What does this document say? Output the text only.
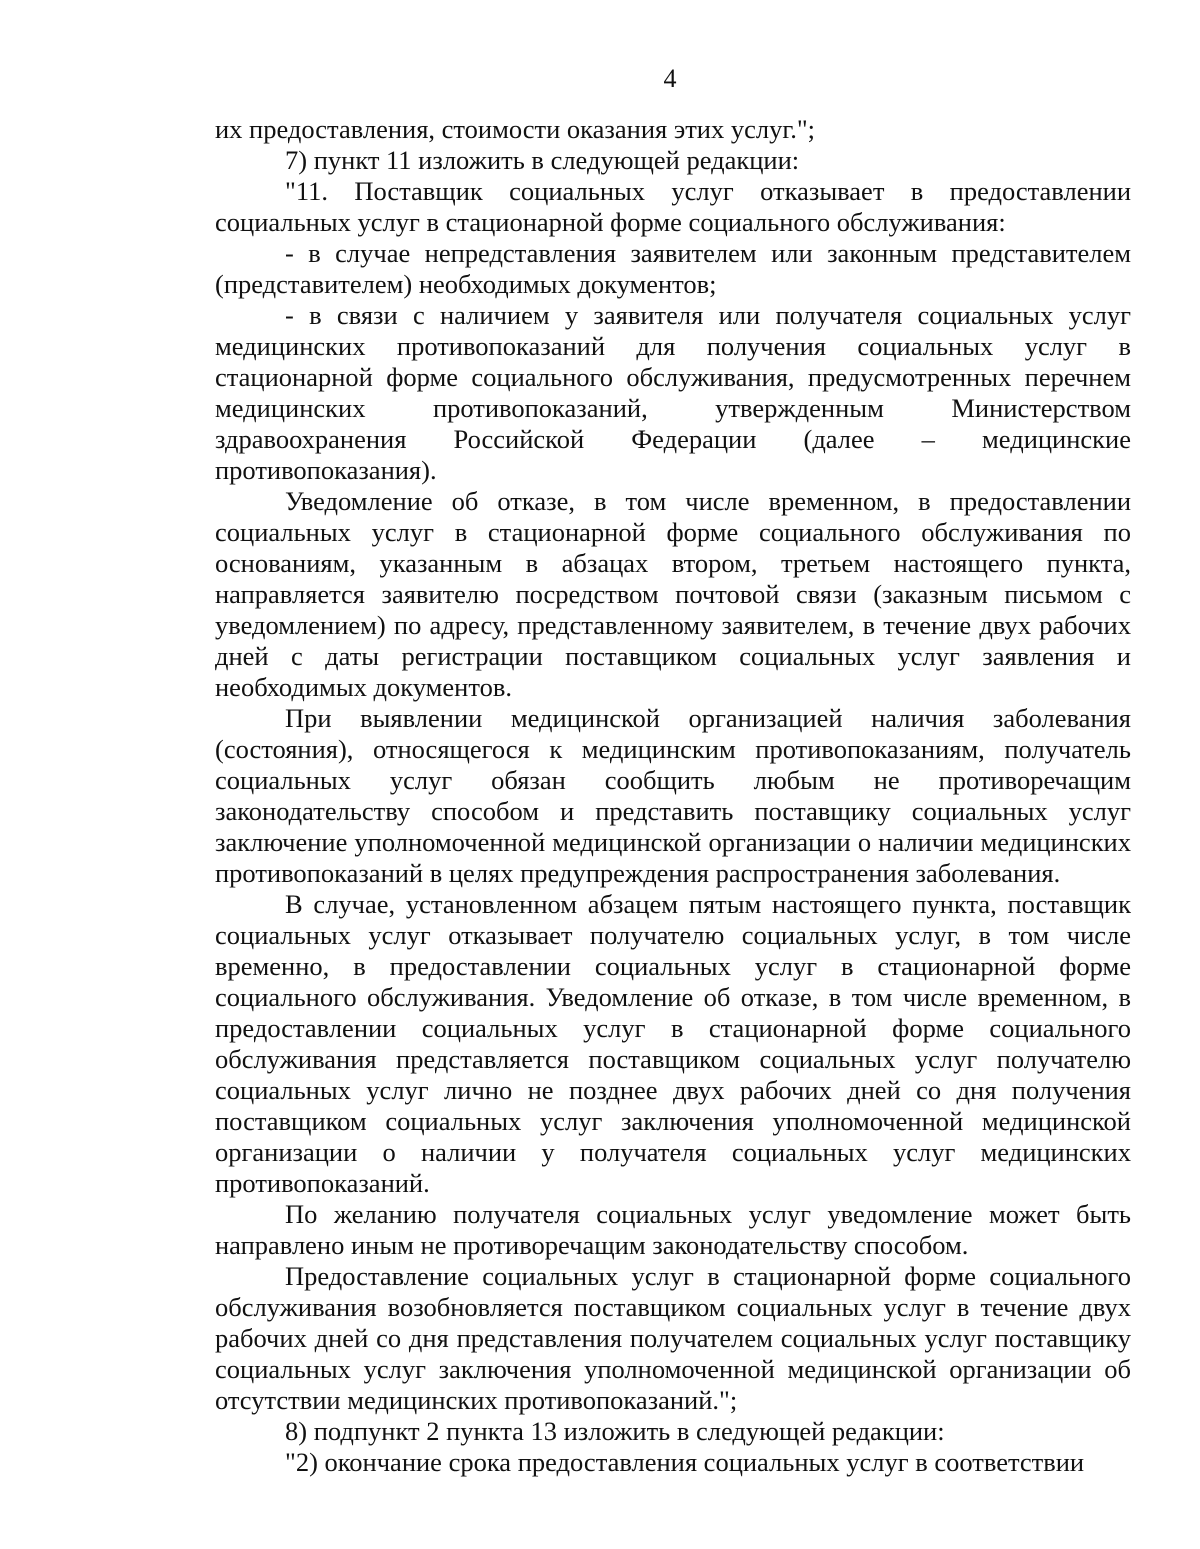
4

их предоставления, стоимости оказания этих услуг.";

7) пункт 11 изложить в следующей редакции:

"11. Поставщик социальных услуг отказывает в предоставлении социальных услуг в стационарной форме социального обслуживания:

- в случае непредставления заявителем или законным представителем (представителем) необходимых документов;

- в связи с наличием у заявителя или получателя социальных услуг медицинских противопоказаний для получения социальных услуг в стационарной форме социального обслуживания, предусмотренных перечнем медицинских противопоказаний, утвержденным Министерством здравоохранения Российской Федерации (далее – медицинские противопоказания).

Уведомление об отказе, в том числе временном, в предоставлении социальных услуг в стационарной форме социального обслуживания по основаниям, указанным в абзацах втором, третьем настоящего пункта, направляется заявителю посредством почтовой связи (заказным письмом с уведомлением) по адресу, представленному заявителем, в течение двух рабочих дней с даты регистрации поставщиком социальных услуг заявления и необходимых документов.

При выявлении медицинской организацией наличия заболевания (состояния), относящегося к медицинским противопоказаниям, получатель социальных услуг обязан сообщить любым не противоречащим законодательству способом и представить поставщику социальных услуг заключение уполномоченной медицинской организации о наличии медицинских противопоказаний в целях предупреждения распространения заболевания.

В случае, установленном абзацем пятым настоящего пункта, поставщик социальных услуг отказывает получателю социальных услуг, в том числе временно, в предоставлении социальных услуг в стационарной форме социального обслуживания. Уведомление об отказе, в том числе временном, в предоставлении социальных услуг в стационарной форме социального обслуживания представляется поставщиком социальных услуг получателю социальных услуг лично не позднее двух рабочих дней со дня получения поставщиком социальных услуг заключения уполномоченной медицинской организации о наличии у получателя социальных услуг медицинских противопоказаний.

По желанию получателя социальных услуг уведомление может быть направлено иным не противоречащим законодательству способом.

Предоставление социальных услуг в стационарной форме социального обслуживания возобновляется поставщиком социальных услуг в течение двух рабочих дней со дня представления получателем социальных услуг поставщику социальных услуг заключения уполномоченной медицинской организации об отсутствии медицинских противопоказаний.";

8) подпункт 2 пункта 13 изложить в следующей редакции:

"2) окончание срока предоставления социальных услуг в соответствии
